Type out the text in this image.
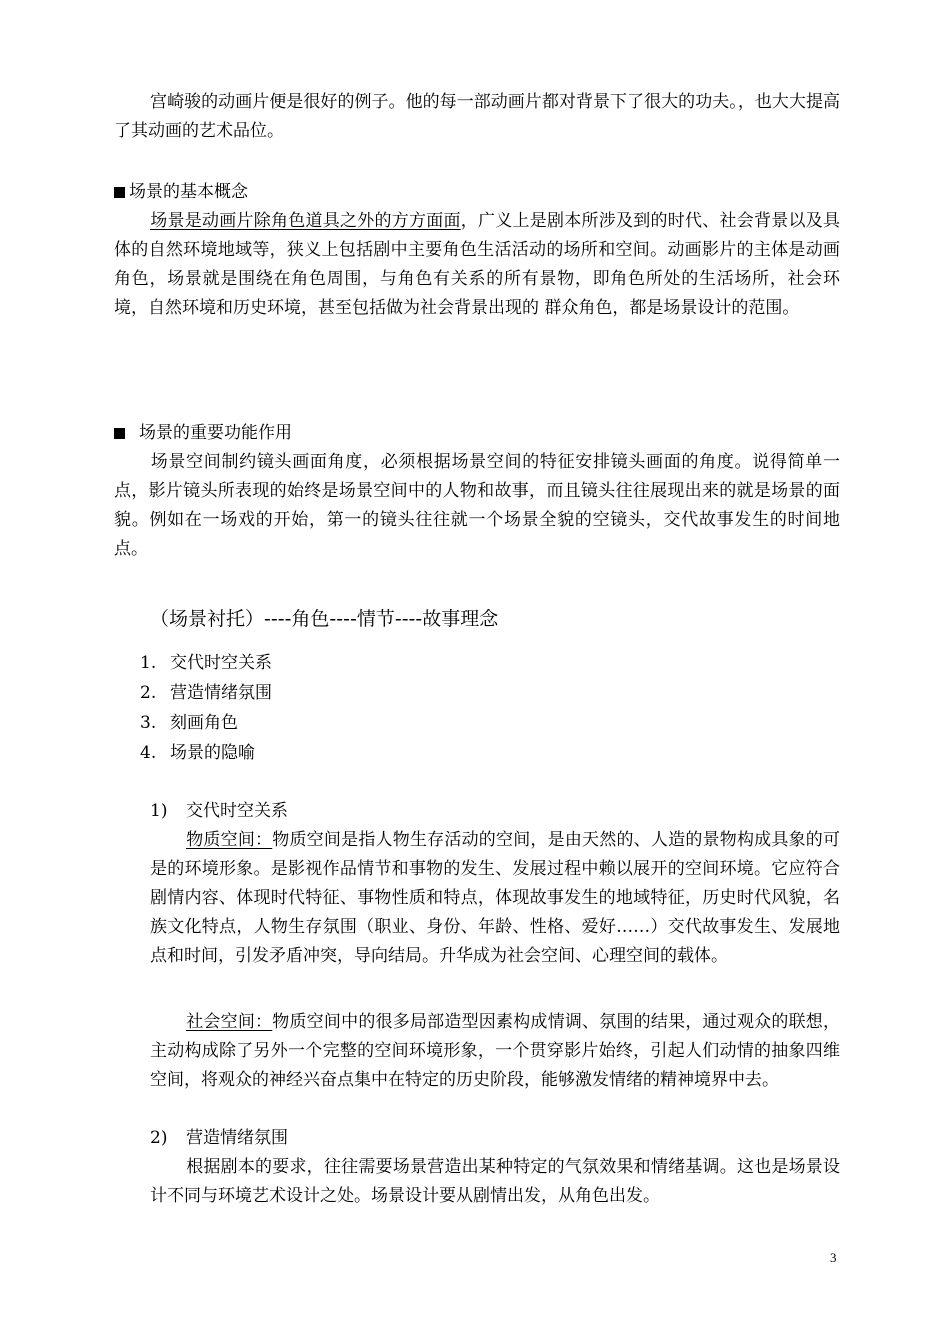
宫崎骏的动画片便是很好的例子。他的每一部动画片都对背景下了很大的功夫。，也大大提高了其动画的艺术品位。

场景的基本概念

场景是动画片除角色道具之外的方方面面，广义上是剧本所涉及到的时代、社会背景以及具体的自然环境地域等，狭义上包括剧中主要角色生活活动的场所和空间。动画影片的主体是动画角色，场景就是围绕在角色周围，与角色有关系的所有景物，即角色所处的生活场所，社会环境，自然环境和历史环境，甚至包括做为社会背景出现的 群众角色，都是场景设计的范围。

场景的重要功能作用

场景空间制约镜头画面角度，必须根据场景空间的特征安排镜头画面的角度。说得简单一点，影片镜头所表现的始终是场景空间中的人物和故事，而且镜头往往展现出来的就是场景的面貌。例如在一场戏的开始，第一的镜头往往就一个场景全貌的空镜头，交代故事发生的时间地点。

（场景衬托）----角色----情节----故事理念

1. 交代时空关系
2. 营造情绪氛围
3. 刻画角色
4. 场景的隐喻

1) 交代时空关系

物质空间：物质空间是指人物生存活动的空间，是由天然的、人造的景物构成具象的可是的环境形象。是影视作品情节和事物的发生、发展过程中赖以展开的空间环境。它应符合剧情内容、体现时代特征、事物性质和特点，体现故事发生的地域特征，历史时代风貌，名族文化特点，人物生存氛围（职业、身份、年龄、性格、爱好……）交代故事发生、发展地点和时间，引发矛盾冲突，导向结局。升华成为社会空间、心理空间的载体。

社会空间：物质空间中的很多局部造型因素构成情调、氛围的结果，通过观众的联想，主动构成除了另外一个完整的空间环境形象，一个贯穿影片始终，引起人们动情的抽象四维空间，将观众的神经兴奋点集中在特定的历史阶段，能够激发情绪的精神境界中去。

2) 营造情绪氛围

根据剧本的要求，往往需要场景营造出某种特定的气氛效果和情绪基调。这也是场景设计不同与环境艺术设计之处。场景设计要从剧情出发，从角色出发。

3
